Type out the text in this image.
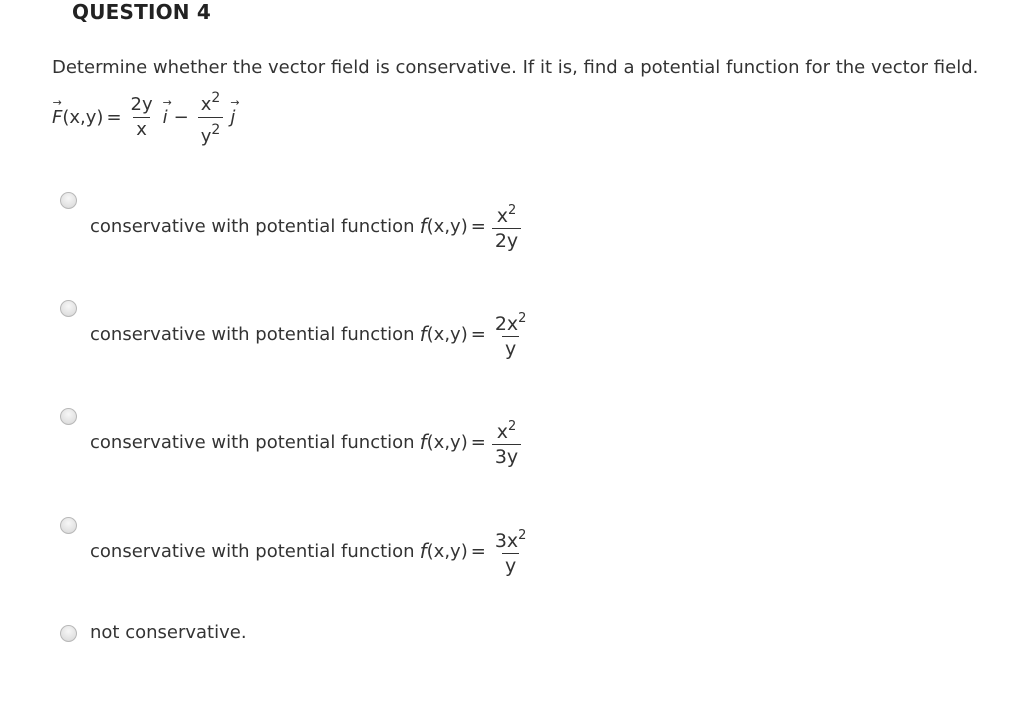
QUESTION 4
Determine whether the vector field is conservative. If it is, find a potential function for the vector field.
→
F $(x,y) = \frac{2y}{x}$ →
$i - \frac{x^2}{y^2}$ →
j
conservative with potential function f $(x,y) = \frac{x^2}{2y}$
conservative with potential function f $(x,y) = \frac{2x^2}{y}$
conservative with potential function f $(x,y) = \frac{x^2}{3y}$
conservative with potential function f $(x,y) = \frac{3x^2}{y}$
not conservative.
